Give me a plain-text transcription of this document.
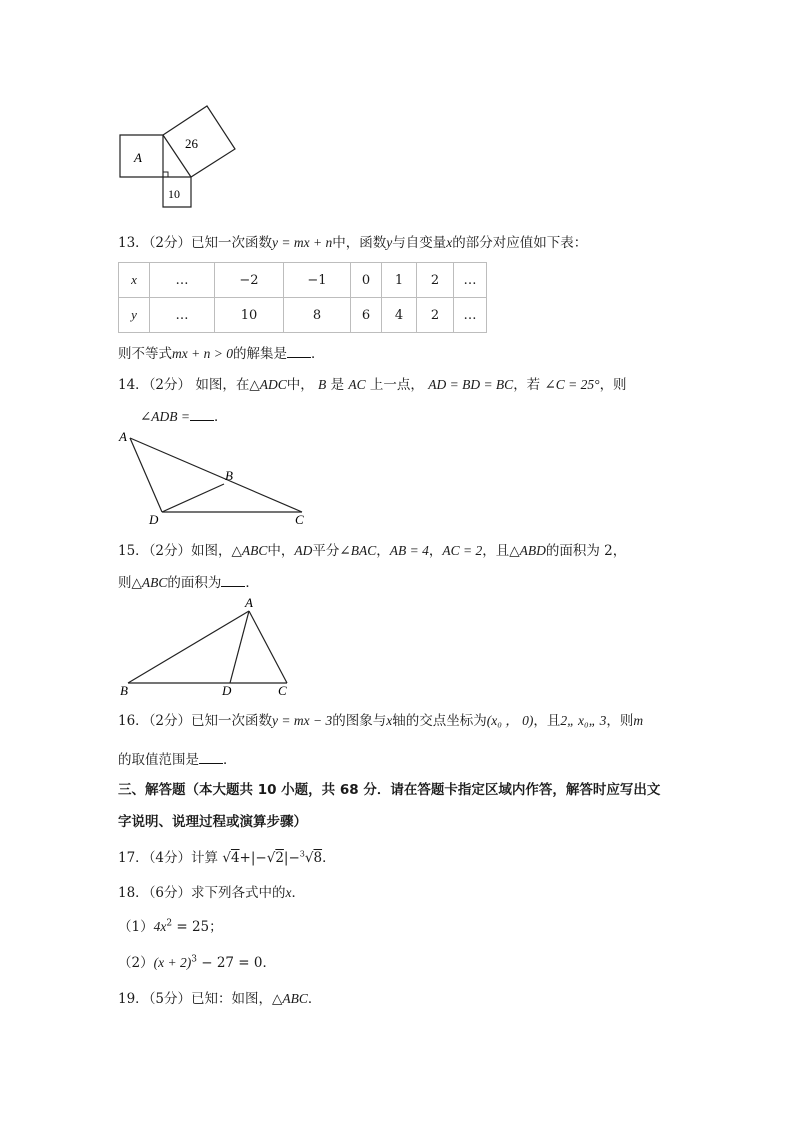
A
26
10
13．（2分）已知一次函数y = mx + n中，函数y与自变量x的部分对应值如下表：
x	…	−2	−1	0	1	2	…
y	…	10	8	6	4	2	…
则不等式mx + n > 0的解集是 ．
14．（2分） 如图，在△ADC中， B 是 AC 上一点， AD = BD = BC，若 ∠C = 25°，则
∠ADB = ．
A
B
D	C
15．（2分）如图，△ABC中，AD平分∠BAC，AB = 4，AC = 2，且△ABD的面积为 2，
则△ABC的面积为 ．
A
B	D	C
16．（2分）已知一次函数y = mx − 3的图象与x轴的交点坐标为(x₀ ， 0)，且2„ x₀„ 3，则m
的取值范围是 ．
三、解答题（本大题共 10 小题，共 68 分．请在答题卡指定区域内作答，解答时应写出文
字说明、说理过程或演算步骤）
17．（4分）计算 √4+|−√2|−$^3$√8．
18．（6分）求下列各式中的x．
$(1)4x^2 = 25$；
$(2)(x + 2)^3 - 27 = 0$．
19．（5分）已知：如图，△ABC．
